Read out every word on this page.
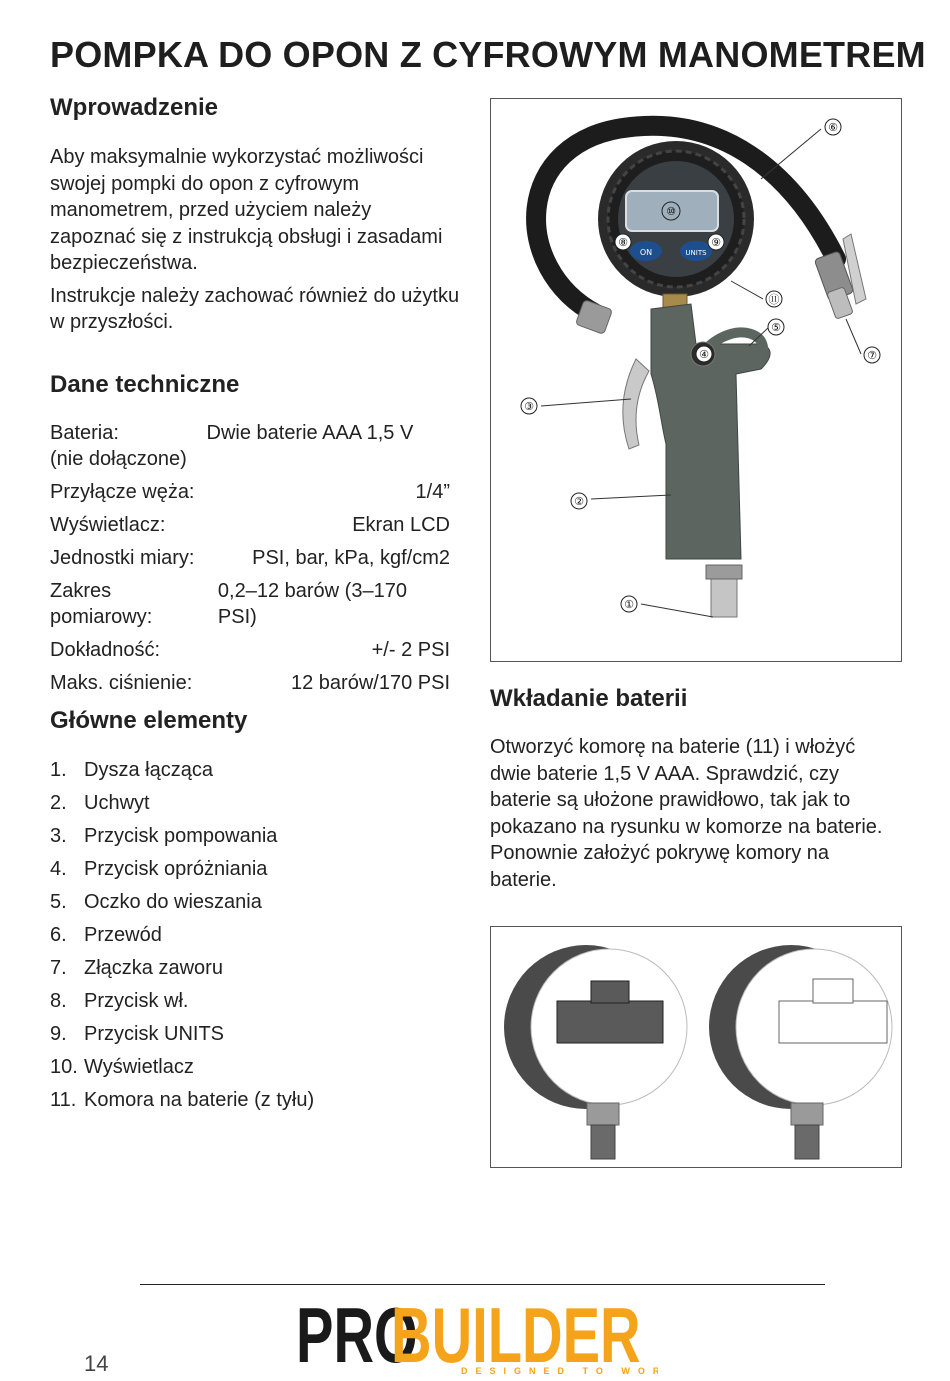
POMPKA DO OPON Z CYFROWYM MANOMETREM
Wprowadzenie

Aby maksymalnie wykorzystać możliwości swojej pompki do opon z cyfrowym manometrem, przed użyciem należy zapoznać się z instrukcją obsługi i zasadami bezpieczeństwa.

Instrukcje należy zachować również do użytku w przyszłości.

Dane techniczne
Bateria:	Dwie baterie AAA 1,5 V (nie dołączone)
Przyłącze węża:	1/4”
Wyświetlacz:	Ekran LCD
Jednostki miary:	PSI, bar, kPa, kgf/cm2
Zakres pomiarowy:
0,2–12 barów (3–170 PSI)
Dokładność:	+/- 2 PSI
Maks. ciśnienie:	12 barów/170 PSI
Główne elementy
1. Dysza łącząca
2. Uchwyt
3. Przycisk pompowania
4. Przycisk opróżniania
5. Oczko do wieszania
6. Przewód
7. Złączka zaworu
8. Przycisk wł.
9. Przycisk UNITS
10. Wyświetlacz
11. Komora na baterie (z tyłu)
ON	UNITS
①
②
③
④
⑤
⑥
⑦
⑧	⑨
⑩
⑪
Wkładanie baterii
Otworzyć komorę na baterie (11) i włożyć dwie baterie 1,5 V AAA. Sprawdzić, czy baterie są ułożone prawidłowo, tak jak to pokazano na rysunku w komorze na baterie. Ponownie założyć pokrywę komory na baterie.
14 PRO
BUILDER
DESIGNED TO WO
